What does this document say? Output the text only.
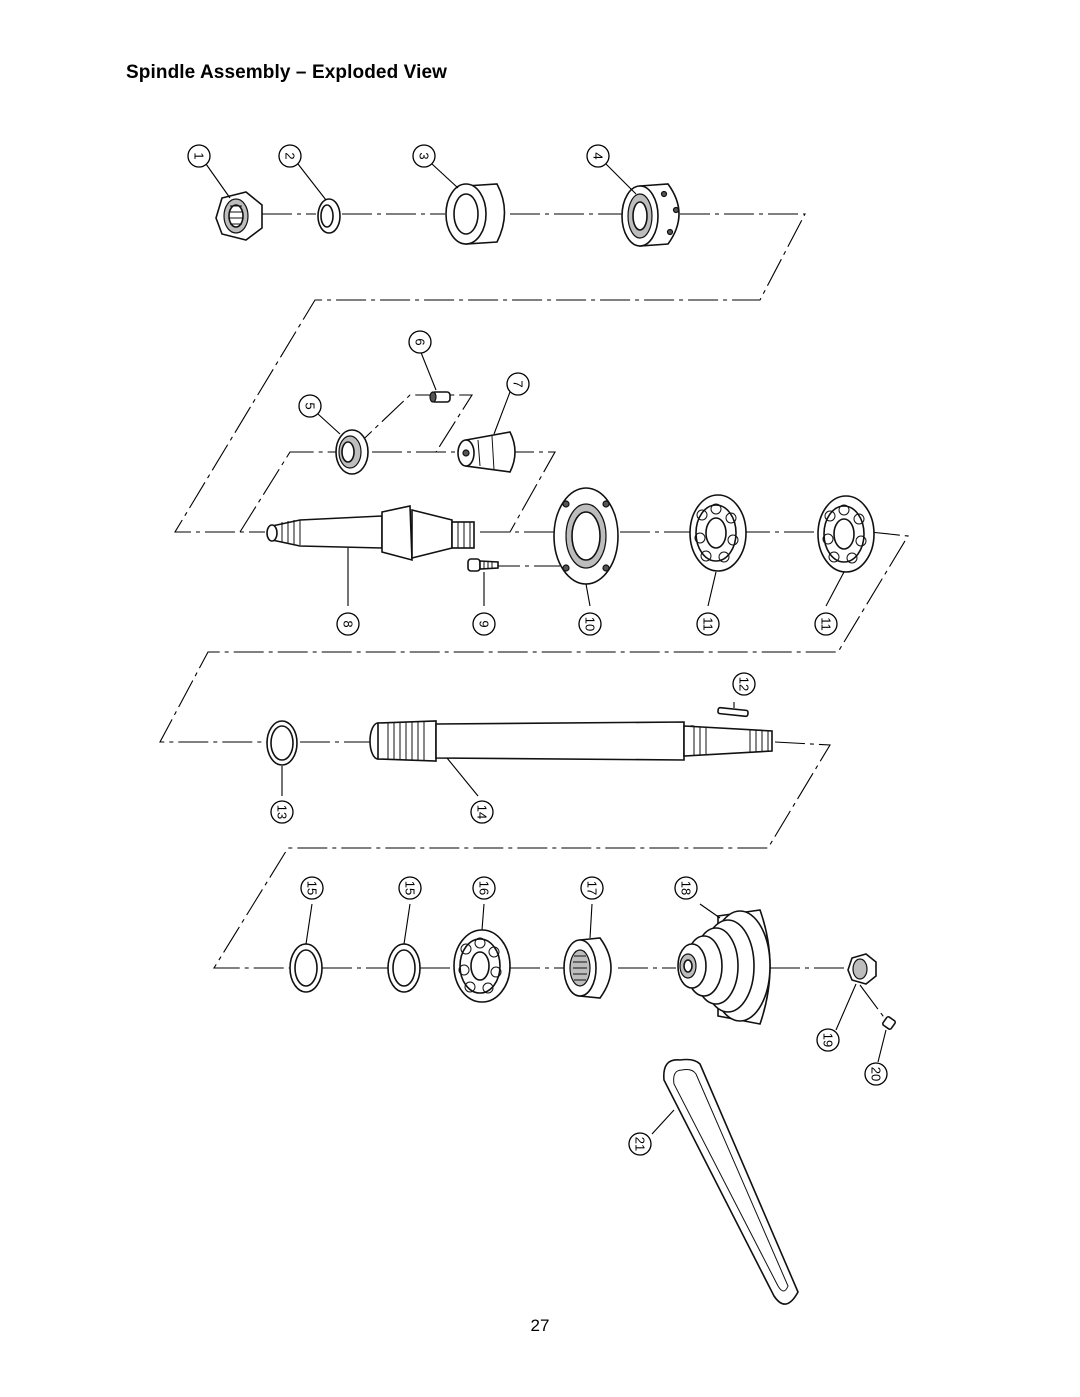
Spindle Assembly – Exploded View
1	2	3	4
5
6
7
8	9	10	11	11
12
13	14
15	15	16	17	18
19
20
21
27
